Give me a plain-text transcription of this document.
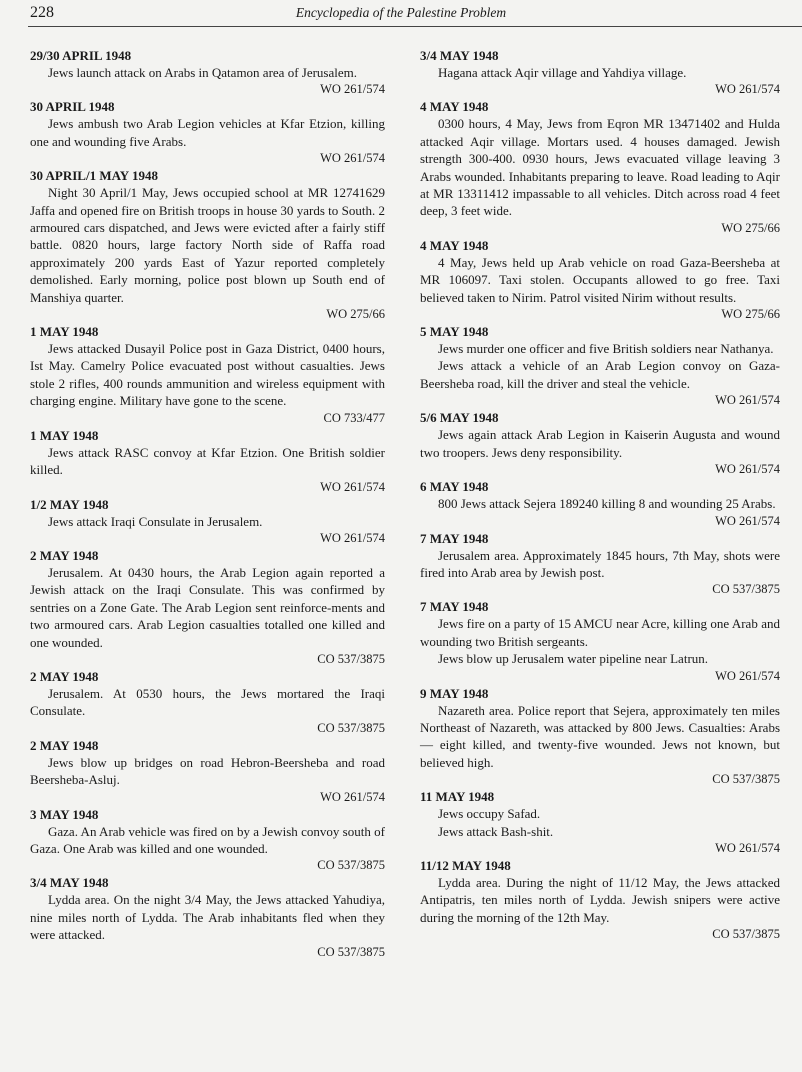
228	Encyclopedia of the Palestine Problem
29/30 APRIL 1948

Jews launch attack on Arabs in Qatamon area of Jerusalem.

WO 261/574
30 APRIL 1948

Jews ambush two Arab Legion vehicles at Kfar Etzion, killing one and wounding five Arabs.

WO 261/574
30 APRIL/1 MAY 1948

Night 30 April/1 May, Jews occupied school at MR 12741629 Jaffa and opened fire on British troops in house 30 yards to South. 2 armoured cars dispatched, and Jews were evicted after a fairly stiff battle. 0820 hours, large factory North side of Raffa road approximately 200 yards East of Yazur reported completely demolished. Early morning, police post blown up South end of Manshiya quarter.

WO 275/66
1 MAY 1948

Jews attacked Dusayil Police post in Gaza District, 0400 hours, Ist May. Camelry Police evacuated post without casualties. Jews stole 2 rifles, 400 rounds ammunition and wireless equipment with charging engine. Military have gone to the scene.

CO 733/477
1 MAY 1948

Jews attack RASC convoy at Kfar Etzion. One British soldier killed.

WO 261/574
1/2 MAY 1948

Jews attack Iraqi Consulate in Jerusalem.

WO 261/574
2 MAY 1948

Jerusalem. At 0430 hours, the Arab Legion again reported a Jewish attack on the Iraqi Consulate. This was confirmed by sentries on a Zone Gate. The Arab Legion sent reinforce-ments and two armoured cars. Arab Legion casualties totalled one killed and one wounded.

CO 537/3875
2 MAY 1948

Jerusalem. At 0530 hours, the Jews mortared the Iraqi Consulate.

CO 537/3875
2 MAY 1948

Jews blow up bridges on road Hebron-Beersheba and road Beersheba-Asluj.

WO 261/574
3 MAY 1948

Gaza. An Arab vehicle was fired on by a Jewish convoy south of Gaza. One Arab was killed and one wounded.

CO 537/3875
3/4 MAY 1948

Lydda area. On the night 3/4 May, the Jews attacked Yahudiya, nine miles north of Lydda. The Arab inhabitants fled when they were attacked.

CO 537/3875
3/4 MAY 1948

Hagana attack Aqir village and Yahdiya village.

WO 261/574
4 MAY 1948

0300 hours, 4 May, Jews from Eqron MR 13471402 and Hulda attacked Aqir village. Mortars used. 4 houses damaged. Jewish strength 300-400. 0930 hours, Jews evacuated village leaving 3 Arabs wounded. Inhabitants preparing to leave. Road leading to Aqir at MR 13311412 impassable to all vehicles. Ditch across road 4 feet deep, 3 feet wide.

WO 275/66
4 MAY 1948

4 May, Jews held up Arab vehicle on road Gaza-Beersheba at MR 106097. Taxi stolen. Occupants allowed to go free. Taxi believed taken to Nirim. Patrol visited Nirim without results.

WO 275/66
5 MAY 1948

Jews murder one officer and five British soldiers near Nathanya.

Jews attack a vehicle of an Arab Legion convoy on Gaza-Beersheba road, kill the driver and steal the vehicle.

WO 261/574
5/6 MAY 1948

Jews again attack Arab Legion in Kaiserin Augusta and wound two troopers. Jews deny responsibility.

WO 261/574
6 MAY 1948

800 Jews attack Sejera 189240 killing 8 and wounding 25 Arabs.

WO 261/574
7 MAY 1948

Jerusalem area. Approximately 1845 hours, 7th May, shots were fired into Arab area by Jewish post.

CO 537/3875
7 MAY 1948

Jews fire on a party of 15 AMCU near Acre, killing one Arab and wounding two British sergeants.

Jews blow up Jerusalem water pipeline near Latrun.

WO 261/574
9 MAY 1948

Nazareth area. Police report that Sejera, approximately ten miles Northeast of Nazareth, was attacked by 800 Jews. Casualties: Arabs — eight killed, and twenty-five wounded. Jews not known, but believed high.

CO 537/3875
11 MAY 1948

Jews occupy Safad.

Jews attack Bash-shit.

WO 261/574
11/12 MAY 1948

Lydda area. During the night of 11/12 May, the Jews attacked Antipatris, ten miles north of Lydda. Jewish snipers were active during the morning of the 12th May.

CO 537/3875
